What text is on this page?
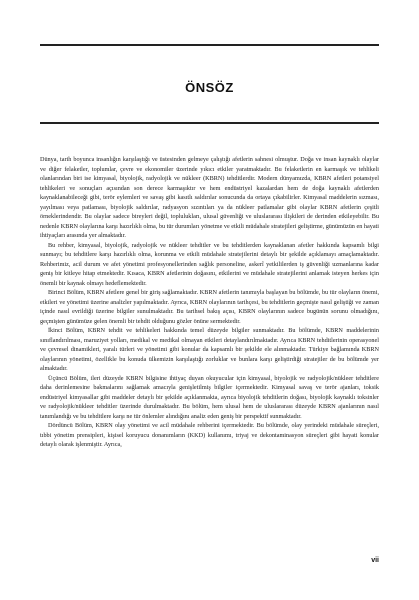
ÖNSÖZ

Dünya, tarih boyunca insanlığın karşılaştığı ve üstesinden gelmeye çalıştığı afetlerin sahnesi olmuştur. Doğa ve insan kaynaklı olaylar ve diğer felaketler, toplumlar, çevre ve ekonomiler üzerinde yıkıcı etkiler yaratmaktadır. Bu felaketlerin en karmaşık ve tehlikeli olanlarından biri ise kimyasal, biyolojik, radyolojik ve nükleer (KBRN) tehditlerdir. Modern dünyamızda, KBRN afetleri potansiyel tehlikeleri ve sonuçları açısından son derece karmaşıktır ve hem endüstriyel kazalardan hem de doğa kaynaklı afetlerden kaynaklanabileceği gibi, terör eylemleri ve savaş gibi kasıtlı saldırılar sonucunda da ortaya çıkabilirler. Kimyasal maddelerin sızması, yayılması veya patlaması, biyolojik saldırılar, radyasyon sızıntıları ya da nükleer patlamalar gibi olaylar KBRN afetlerin çeşitli örneklerindendir. Bu olaylar sadece bireyleri değil, toplulukları, ulusal güvenliği ve uluslararası ilişkileri de derinden etkileyebilir. Bu nedenle KBRN olaylarına karşı hazırlıklı olma, bu tür durumları yönetme ve etkili müdahale stratejileri geliştirme, günümüzün en hayati ihtiyaçları arasında yer almaktadır.

Bu rehber, kimyasal, biyolojik, radyolojik ve nükleer tehditler ve bu tehditlerden kaynaklanan afetler hakkında kapsamlı bilgi sunmayı; bu tehditlere karşı hazırlıklı olma, korunma ve etkili müdahale stratejilerini detaylı bir şekilde açıklamayı amaçlamaktadır. Rehberimiz, acil durum ve afet yönetimi profesyonellerinden sağlık personeline, askerî yetkililerden iş güvenliği uzmanlarına kadar geniş bir kitleye hitap etmektedir. Kısaca, KBRN afetlerinin doğasını, etkilerini ve müdahale stratejilerini anlamak isteyen herkes için önemli bir kaynak olmayı hedeflemektedir.

Birinci Bölüm, KBRN afetlere genel bir giriş sağlamaktadır. KBRN afetlerin tanımıyla başlayan bu bölümde, bu tür olayların önemi, etkileri ve yönetimi üzerine analizler yapılmaktadır. Ayrıca, KBRN olaylarının tarihçesi, bu tehditlerin geçmişte nasıl geliştiği ve zaman içinde nasıl evrildiği üzerine bilgiler sunulmaktadır. Bu tarihsel bakış açısı, KBRN olaylarının sadece bugünün sorunu olmadığını, geçmişten günümüze gelen önemli bir tehdit olduğunu gözler önüne sermektedir.

İkinci Bölüm, KBRN tehdit ve tehlikeleri hakkında temel düzeyde bilgiler sunmaktadır. Bu bölümde, KBRN maddelerinin sınıflandırılması, maruziyet yolları, medikal ve medikal olmayan etkileri detaylandırılmaktadır. Ayrıca KBRN tehditlerinin operasyonel ve çevresel dinamikleri, yaralı türleri ve yönetimi gibi konular da kapsamlı bir şekilde ele alınmaktadır. Türkiye bağlamında KBRN olaylarının yönetimi, özellikle bu konuda ülkemizin karşılaştığı zorluklar ve bunlara karşı geliştirdiği stratejiler de bu bölümde yer almaktadır.

Üçüncü Bölüm, ileri düzeyde KBRN bilgisine ihtiyaç duyan okuyucular için kimyasal, biyolojik ve radyolojik/nükleer tehditlere daha derinlemesine bakmalarını sağlamak amacıyla genişletilmiş bilgiler içermektedir. Kimyasal savaş ve terör ajanları, toksik endüstriyel kimyasallar gibi maddeler detaylı bir şekilde açıklanmakta, ayrıca biyolojik tehditlerin doğası, biyolojik kaynaklı toksinler ve radyolojik/nükleer tehditler üzerinde durulmaktadır. Bu bölüm, hem ulusal hem de uluslararası düzeyde KBRN ajanlarının nasıl tanımlandığı ve bu tehditlere karşı ne tür önlemler alındığını analiz eden geniş bir perspektif sunmaktadır.

Dördüncü Bölüm, KBRN olay yönetimi ve acil müdahale rehberini içermektedir. Bu bölümde, olay yerindeki müdahale süreçleri, tıbbi yönetim prensipleri, kişisel koruyucu donanımların (KKD) kullanımı, triyaj ve dekontaminasyon süreçleri gibi hayati konular detaylı olarak işlenmiştir. Ayrıca,

vii
